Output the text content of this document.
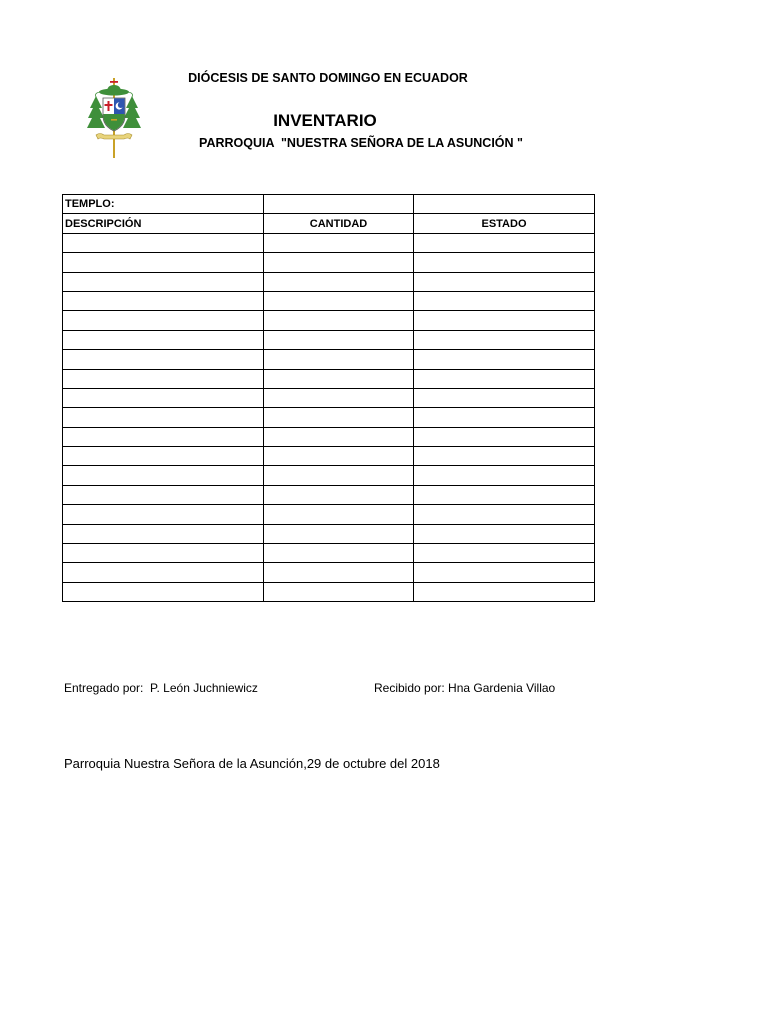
DIÓCESIS DE SANTO DOMINGO EN ECUADOR
INVENTARIO
PARROQUIA  "NUESTRA SEÑORA DE LA ASUNCIÓN "
TEMPLO:		
DESCRIPCIÓN	CANTIDAD	ESTADO

Entregado por:  P. León Juchniewicz	Recibido por: Hna Gardenia Villao
Parroquia Nuestra Señora de la Asunción,29 de octubre del 2018
